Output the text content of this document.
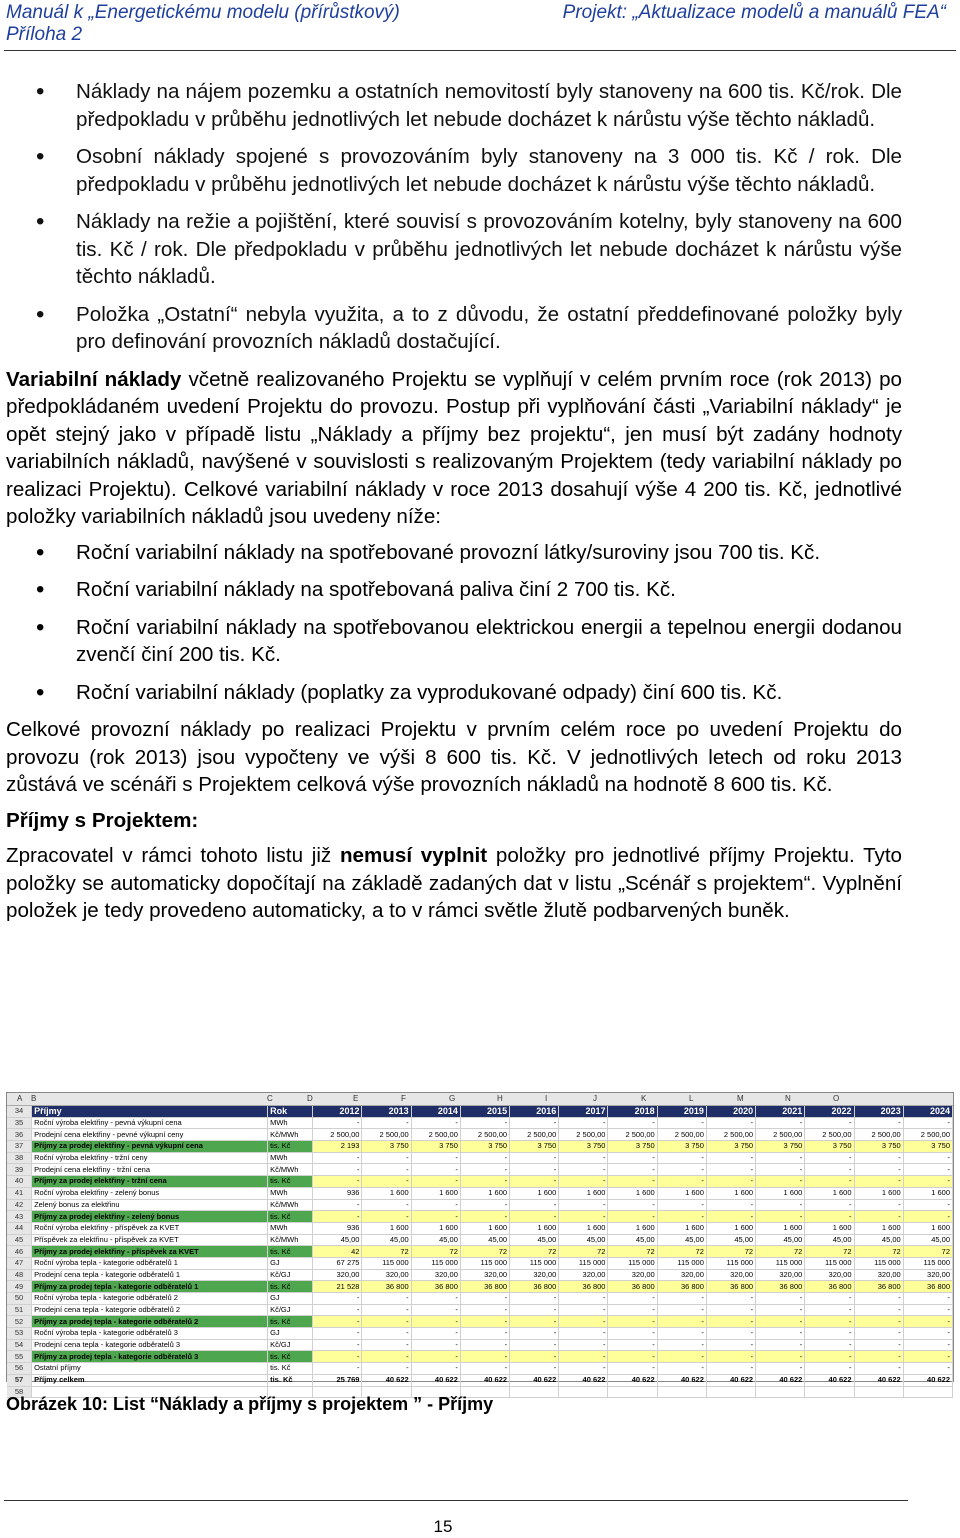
Manuál k „Energetickému modelu (přírůstkový)
Příloha 2
Projekt: „Aktualizace modelů a manuálů FEA“
• Náklady na nájem pozemku a ostatních nemovitostí byly stanoveny na 600 tis. Kč/rok. Dle předpokladu v průběhu jednotlivých let nebude docházet k nárůstu výše těchto nákladů.
• Osobní náklady spojené s provozováním byly stanoveny na 3 000 tis. Kč / rok. Dle předpokladu v průběhu jednotlivých let nebude docházet k nárůstu výše těchto nákladů.
• Náklady na režie a pojištění, které souvisí s provozováním kotelny, byly stanoveny na 600 tis. Kč / rok. Dle předpokladu v průběhu jednotlivých let nebude docházet k nárůstu výše těchto nákladů.
• Položka „Ostatní“ nebyla využita, a to z důvodu, že ostatní předdefinované položky byly pro definování provozních nákladů dostačující.

Variabilní náklady včetně realizovaného Projektu se vyplňují v celém prvním roce (rok 2013) po předpokládaném uvedení Projektu do provozu. Postup při vyplňování části „Variabilní náklady“ je opět stejný jako v případě listu „Náklady a příjmy bez projektu“, jen musí být zadány hodnoty variabilních nákladů, navýšené v souvislosti s realizovaným Projektem (tedy variabilní náklady po realizaci Projektu). Celkové variabilní náklady v roce 2013 dosahují výše 4 200 tis. Kč, jednotlivé položky variabilních nákladů jsou uvedeny níže:

• Roční variabilní náklady na spotřebované provozní látky/suroviny jsou 700 tis. Kč.
• Roční variabilní náklady na spotřebovaná paliva činí 2 700 tis. Kč.
• Roční variabilní náklady na spotřebovanou elektrickou energii a tepelnou energii dodanou zvenčí činí 200 tis. Kč.
• Roční variabilní náklady (poplatky za vyprodukované odpady) činí 600 tis. Kč.

Celkové provozní náklady po realizaci Projektu v prvním celém roce po uvedení Projektu do provozu (rok 2013) jsou vypočteny ve výši 8 600 tis. Kč. V jednotlivých letech od roku 2013 zůstává ve scénáři s Projektem celková výše provozních nákladů na hodnotě 8 600 tis. Kč.

Příjmy s Projektem:

Zpracovatel v rámci tohoto listu již nemusí vyplnit položky pro jednotlivé příjmy Projektu. Tyto položky se automaticky dopočítají na základě zadaných dat v listu „Scénář s projektem“. Vyplnění položek je tedy provedeno automaticky, a to v rámci světle žlutě podbarvených buněk.

A B	C	D	E	F	G	H	I	J	K	L	M	N	O
34	Příjmy	Rok	2012	2013	2014	2015	2016	2017	2018	2019	2020	2021	2022	2023	2024
35	Roční výroba elektřiny - pevná výkupní cena	MWh	-	-	-	-	-	-	-	-	-	-	-	-	-
36	Prodejní cena elektřiny - pevné výkupní ceny	Kč/MWh	2 500,00	2 500,00	2 500,00	2 500,00	2 500,00	2 500,00	2 500,00	2 500,00	2 500,00	2 500,00	2 500,00	2 500,00	2 500,00
37	Příjmy za prodej elektřiny - pevná výkupní cena	tis. Kč	2 193	3 750	3 750	3 750	3 750	3 750	3 750	3 750	3 750	3 750	3 750	3 750	3 750
38	Roční výroba elektřiny - tržní ceny	MWh	-	-	-	-	-	-	-	-	-	-	-	-	-
39	Prodejní cena elektřiny - tržní cena	Kč/MWh	-	-	-	-	-	-	-	-	-	-	-	-	-
40	Příjmy za prodej elektřiny - tržní cena	tis. Kč	-	-	-	-	-	-	-	-	-	-	-	-	-
41	Roční výroba elektřiny - zelený bonus	MWh	936	1 600	1 600	1 600	1 600	1 600	1 600	1 600	1 600	1 600	1 600	1 600	1 600
42	Zelený bonus za elektřinu	Kč/MWh	-	-	-	-	-	-	-	-	-	-	-	-	-
43	Příjmy za prodej elektřiny - zelený bonus	tis. Kč	-	-	-	-	-	-	-	-	-	-	-	-	-
44	Roční výroba elektřiny - příspěvek za KVET	MWh	936	1 600	1 600	1 600	1 600	1 600	1 600	1 600	1 600	1 600	1 600	1 600	1 600
45	Příspěvek za elektřinu - příspěvek za KVET	Kč/MWh	45,00	45,00	45,00	45,00	45,00	45,00	45,00	45,00	45,00	45,00	45,00	45,00	45,00
46	Příjmy za prodej elektřiny - příspěvek za KVET	tis. Kč	42	72	72	72	72	72	72	72	72	72	72	72	72
47	Roční výroba tepla - kategorie odběratelů 1	GJ	67 275	115 000	115 000	115 000	115 000	115 000	115 000	115 000	115 000	115 000	115 000	115 000	115 000
48	Prodejní cena tepla - kategorie odběratelů 1	Kč/GJ	320,00	320,00	320,00	320,00	320,00	320,00	320,00	320,00	320,00	320,00	320,00	320,00	320,00
49	Příjmy za prodej tepla - kategorie odběratelů 1	tis. Kč	21 528	36 800	36 800	36 800	36 800	36 800	36 800	36 800	36 800	36 800	36 800	36 800	36 800
50	Roční výroba tepla - kategorie odběratelů 2	GJ	-	-	-	-	-	-	-	-	-	-	-	-	-
51	Prodejní cena tepla - kategorie odběratelů 2	Kč/GJ	-	-	-	-	-	-	-	-	-	-	-	-	-
52	Příjmy za prodej tepla - kategorie odběratelů 2	tis. Kč	-	-	-	-	-	-	-	-	-	-	-	-	-
53	Roční výroba tepla - kategorie odběratelů 3	GJ	-	-	-	-	-	-	-	-	-	-	-	-	-
54	Prodejní cena tepla - kategorie odběratelů 3	Kč/GJ	-	-	-	-	-	-	-	-	-	-	-	-	-
55	Příjmy za prodej tepla - kategorie odběratelů 3	tis. Kč	-	-	-	-	-	-	-	-	-	-	-	-	-
56	Ostatní příjmy	tis. Kč	-	-	-	-	-	-	-	-	-	-	-	-	-
57	Příjmy celkem	tis. Kč	25 769	40 622	40 622	40 622	40 622	40 622	40 622	40 622	40 622	40 622	40 622	40 622	40 622
58															
Obrázek 10: List “Náklady a příjmy s projektem ” - Příjmy
15
